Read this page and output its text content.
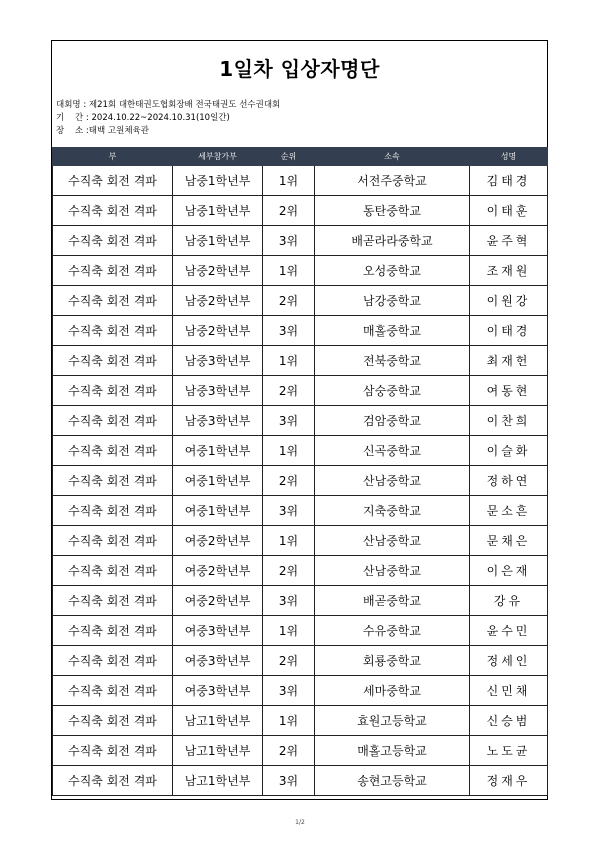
1일차 입상자명단
대회명 : 제21회 대한태권도협회장배 전국태권도 선수권대회
기    간 : 2024.10.22~2024.10.31(10일간)
장    소 :태백 고원체육관
부	세부참가부	순위	소속	성명
수직축 회전 격파	남중1학년부	1위	서전주중학교	김태경
수직축 회전 격파	남중1학년부	2위	동탄중학교	이태훈
수직축 회전 격파	남중1학년부	3위	배곧라라중학교	윤주혁
수직축 회전 격파	남중2학년부	1위	오성중학교	조재원
수직축 회전 격파	남중2학년부	2위	남강중학교	이원강
수직축 회전 격파	남중2학년부	3위	매홀중학교	이태경
수직축 회전 격파	남중3학년부	1위	전북중학교	최재헌
수직축 회전 격파	남중3학년부	2위	삼숭중학교	여동현
수직축 회전 격파	남중3학년부	3위	검암중학교	이찬희
수직축 회전 격파	여중1학년부	1위	신곡중학교	이슬화
수직축 회전 격파	여중1학년부	2위	산남중학교	정하연
수직축 회전 격파	여중1학년부	3위	지축중학교	문소흔
수직축 회전 격파	여중2학년부	1위	산남중학교	문채은
수직축 회전 격파	여중2학년부	2위	산남중학교	이은재
수직축 회전 격파	여중2학년부	3위	배곧중학교	강유
수직축 회전 격파	여중3학년부	1위	수유중학교	윤수민
수직축 회전 격파	여중3학년부	2위	회룡중학교	정세인
수직축 회전 격파	여중3학년부	3위	세마중학교	신민채
수직축 회전 격파	남고1학년부	1위	효원고등학교	신승범
수직축 회전 격파	남고1학년부	2위	매홀고등학교	노도균
수직축 회전 격파	남고1학년부	3위	송현고등학교	정재우
1/2
